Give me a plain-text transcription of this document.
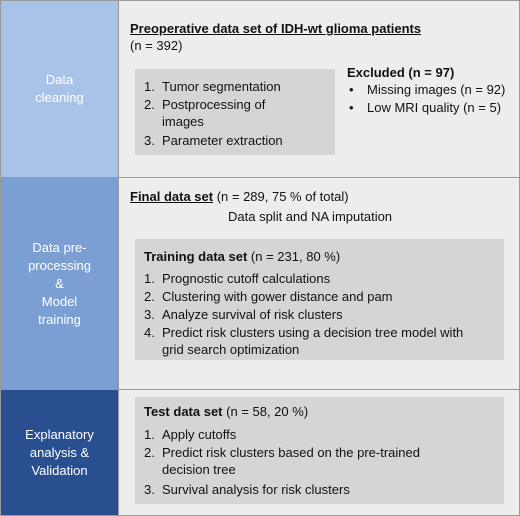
Data
cleaning
Preoperative data set of IDH-wt glioma patients
(n = 392)
1. Tumor segmentation
2. Postprocessing of
images
3. Parameter extraction
Excluded (n = 97)
• Missing images (n = 92)
• Low MRI quality (n = 5)
Data pre-
processing
&
Model
training
Final data set (n = 289, 75 % of total)
Data split and NA imputation
Training data set (n = 231, 80 %)
1. Prognostic cutoff calculations
2. Clustering with gower distance and pam
3. Analyze survival of risk clusters
4. Predict risk clusters using a decision tree model with
grid search optimization
Explanatory
analysis &
Validation
Test data set (n = 58, 20 %)
1. Apply cutoffs
2. Predict risk clusters based on the pre-trained
decision tree
3. Survival analysis for risk clusters
